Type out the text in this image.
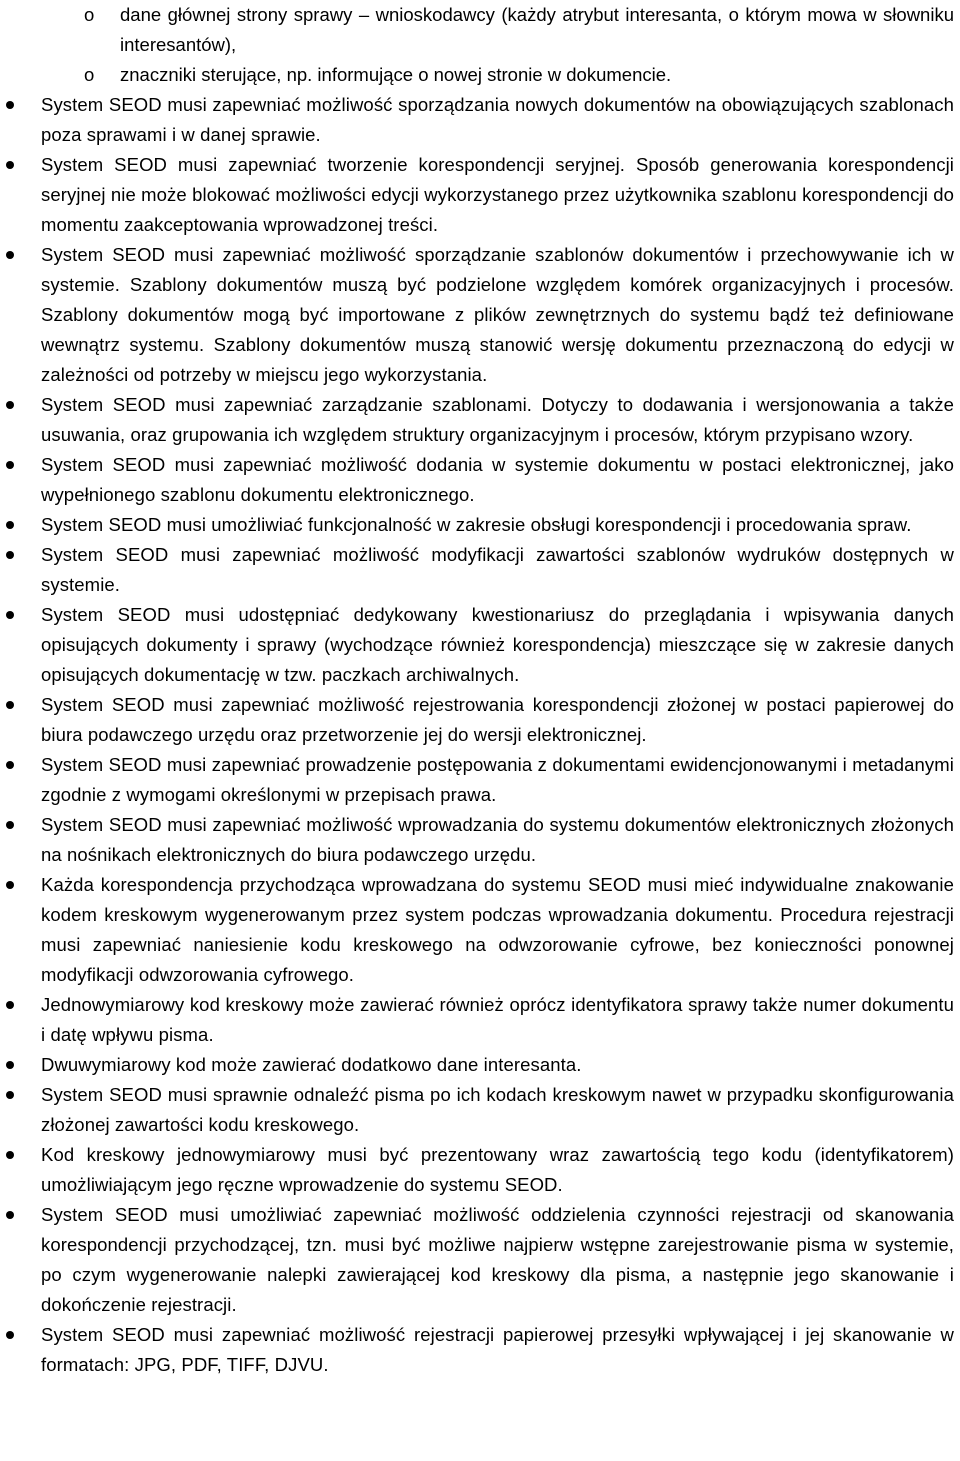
o	dane głównej strony sprawy – wnioskodawcy (każdy atrybut interesanta, o którym mowa w słowniku interesantów),
o	znaczniki sterujące, np. informujące o nowej stronie w dokumencie.
System SEOD musi zapewniać możliwość sporządzania nowych dokumentów na obowiązujących szablonach poza sprawami i w danej sprawie.
System SEOD musi zapewniać tworzenie korespondencji seryjnej. Sposób generowania korespondencji seryjnej nie może blokować możliwości edycji wykorzystanego przez użytkownika szablonu korespondencji do momentu zaakceptowania wprowadzonej treści.
System SEOD musi zapewniać możliwość sporządzanie szablonów dokumentów i przechowywanie ich w systemie. Szablony dokumentów muszą być podzielone względem komórek organizacyjnych i procesów. Szablony dokumentów mogą być importowane z plików zewnętrznych do systemu bądź też definiowane wewnątrz systemu. Szablony dokumentów muszą stanowić wersję dokumentu przeznaczoną do edycji w zależności od potrzeby w miejscu jego wykorzystania.
System SEOD musi zapewniać zarządzanie szablonami. Dotyczy to dodawania i wersjonowania a także usuwania, oraz grupowania ich względem struktury organizacyjnym i procesów, którym przypisano wzory.
System SEOD musi zapewniać możliwość dodania w systemie dokumentu w postaci elektronicznej, jako wypełnionego szablonu dokumentu elektronicznego.
System SEOD musi umożliwiać funkcjonalność w zakresie obsługi korespondencji i procedowania spraw.
System SEOD musi zapewniać możliwość modyfikacji zawartości szablonów wydruków dostępnych w systemie.
System SEOD musi udostępniać dedykowany kwestionariusz do przeglądania i wpisywania danych opisujących dokumenty i sprawy (wychodzące również korespondencja) mieszczące się w zakresie danych opisujących dokumentację w tzw. paczkach archiwalnych.
System SEOD musi zapewniać możliwość rejestrowania korespondencji złożonej w postaci papierowej do biura podawczego urzędu oraz przetworzenie jej do wersji elektronicznej.
System SEOD musi zapewniać prowadzenie postępowania z dokumentami ewidencjonowanymi i metadanymi zgodnie z wymogami określonymi w przepisach prawa.
System SEOD musi zapewniać możliwość wprowadzania do systemu dokumentów elektronicznych złożonych na nośnikach elektronicznych do biura podawczego urzędu.
Każda korespondencja przychodząca wprowadzana do systemu SEOD musi mieć indywidualne znakowanie kodem kreskowym wygenerowanym przez system podczas wprowadzania dokumentu. Procedura rejestracji musi zapewniać naniesienie kodu kreskowego na odwzorowanie cyfrowe, bez konieczności ponownej modyfikacji odwzorowania cyfrowego.
Jednowymiarowy kod kreskowy może zawierać również oprócz identyfikatora sprawy także numer dokumentu i datę wpływu pisma.
Dwuwymiarowy kod może zawierać dodatkowo dane interesanta.
System SEOD musi sprawnie odnaleźć pisma po ich kodach kreskowym nawet w przypadku skonfigurowania złożonej zawartości kodu kreskowego.
Kod kreskowy jednowymiarowy musi być prezentowany wraz zawartością tego kodu (identyfikatorem) umożliwiającym jego ręczne wprowadzenie do systemu SEOD.
System SEOD musi umożliwiać zapewniać możliwość oddzielenia czynności rejestracji od skanowania korespondencji przychodzącej, tzn. musi być możliwe najpierw wstępne zarejestrowanie pisma w systemie, po czym wygenerowanie nalepki zawierającej kod kreskowy dla pisma, a następnie jego skanowanie i dokończenie rejestracji.
System SEOD musi zapewniać możliwość rejestracji papierowej przesyłki wpływającej i jej skanowanie w formatach: JPG, PDF, TIFF, DJVU.
